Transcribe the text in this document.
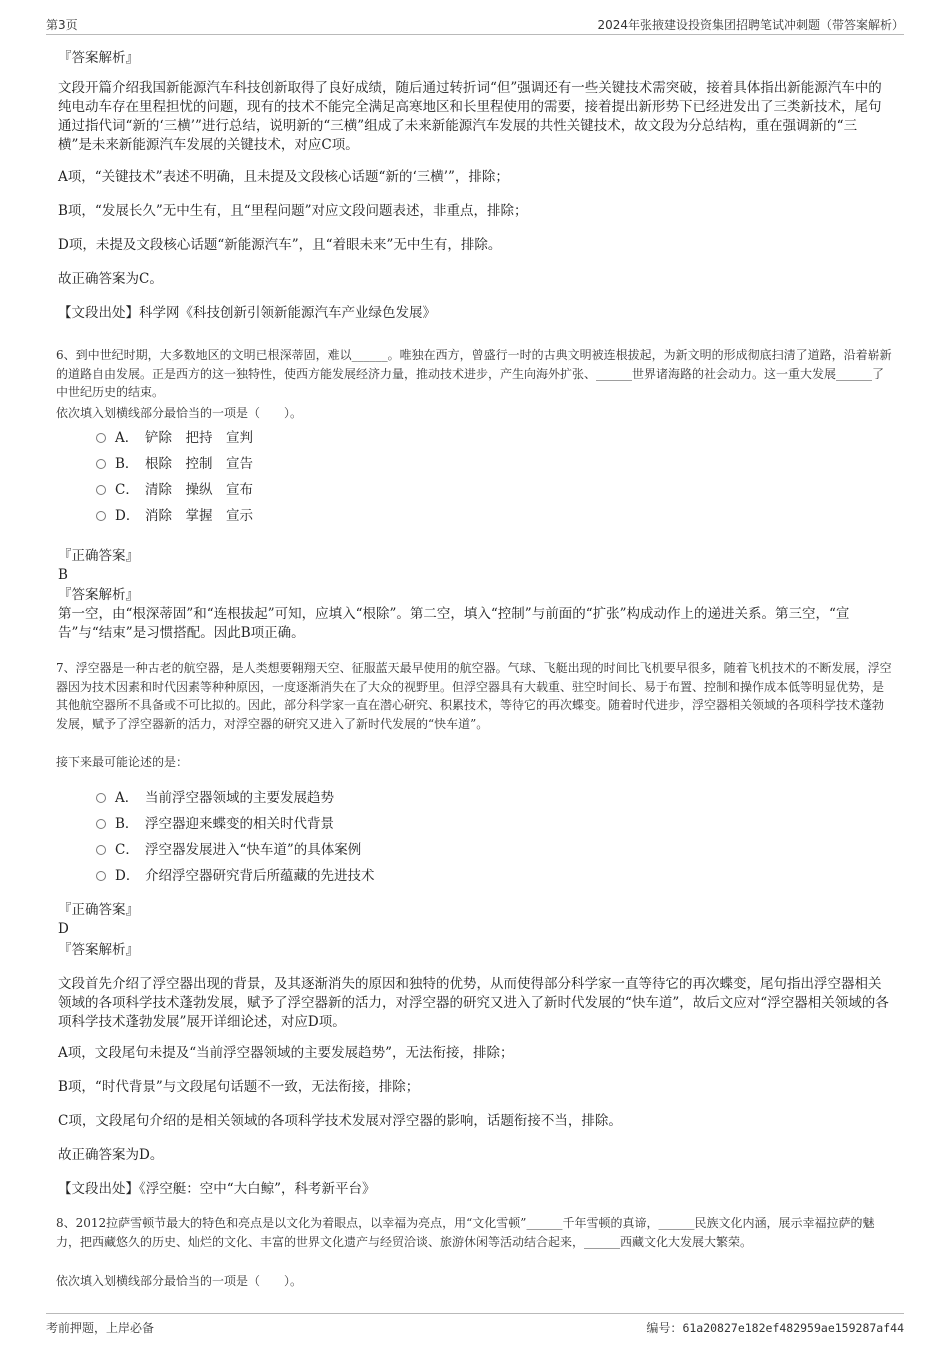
第3页	2024年张掖建设投资集团招聘笔试冲刺题（带答案解析）

『答案解析』

文段开篇介绍我国新能源汽车科技创新取得了良好成绩，随后通过转折词“但”强调还有一些关键技术需突破，接着具体指出新能源汽车中的纯电动车存在里程担忧的问题，现有的技术不能完全满足高寒地区和长里程使用的需要，接着提出新形势下已经进发出了三类新技术，尾句通过指代词“新的‘三横’”进行总结，说明新的“三横”组成了未来新能源汽车发展的共性关键技术，故文段为分总结构，重在强调新的“三横”是未来新能源汽车发展的关键技术，对应C项。

A项，“关键技术”表述不明确，且未提及文段核心话题“新的‘三横’”，排除；

B项，“发展长久”无中生有，且“里程问题”对应文段问题表述，非重点，排除；

D项，未提及文段核心话题“新能源汽车”，且“着眼未来”无中生有，排除。

故正确答案为C。

【文段出处】科学网《科技创新引领新能源汽车产业绿色发展》

6、到中世纪时期，大多数地区的文明已根深蒂固，难以______。唯独在西方，曾盛行一时的古典文明被连根拔起，为新文明的形成彻底扫清了道路，沿着崭新的道路自由发展。正是西方的这一独特性，使西方能发展经济力量，推动技术进步，产生向海外扩张、______世界诸海路的社会动力。这一重大发展______了中世纪历史的结束。

依次填入划横线部分最恰当的一项是（　　）。

A． 铲除　把持　宣判
B． 根除　控制　宣告
C． 清除　操纵　宣布
D． 消除　掌握　宣示

『正确答案』

B

『答案解析』

第一空，由“根深蒂固”和“连根拔起”可知，应填入“根除”。第二空，填入“控制”与前面的“扩张”构成动作上的递进关系。第三空，“宣告”与“结束”是习惯搭配。因此B项正确。

7、浮空器是一种古老的航空器，是人类想要翱翔天空、征服蓝天最早使用的航空器。气球、飞艇出现的时间比飞机要早很多，随着飞机技术的不断发展，浮空器因为技术因素和时代因素等种种原因，一度逐渐消失在了大众的视野里。但浮空器具有大载重、驻空时间长、易于布置、控制和操作成本低等明显优势，是其他航空器所不具备或不可比拟的。因此，部分科学家一直在潜心研究、积累技术，等待它的再次蝶变。随着时代进步，浮空器相关领域的各项科学技术蓬勃发展，赋予了浮空器新的活力，对浮空器的研究又进入了新时代发展的“快车道”。

接下来最可能论述的是：

A． 当前浮空器领域的主要发展趋势
B． 浮空器迎来蝶变的相关时代背景
C． 浮空器发展进入“快车道”的具体案例
D． 介绍浮空器研究背后所蕴藏的先进技术

『正确答案』

D

『答案解析』

文段首先介绍了浮空器出现的背景，及其逐渐消失的原因和独特的优势，从而使得部分科学家一直等待它的再次蝶变，尾句指出浮空器相关领域的各项科学技术蓬勃发展，赋予了浮空器新的活力，对浮空器的研究又进入了新时代发展的“快车道”，故后文应对“浮空器相关领域的各项科学技术蓬勃发展”展开详细论述，对应D项。

A项，文段尾句未提及“当前浮空器领域的主要发展趋势”，无法衔接，排除；

B项，“时代背景”与文段尾句话题不一致，无法衔接，排除；

C项，文段尾句介绍的是相关领域的各项科学技术发展对浮空器的影响，话题衔接不当，排除。

故正确答案为D。

【文段出处】《浮空艇：空中“大白鲸”，科考新平台》

8、2012拉萨雪顿节最大的特色和亮点是以文化为着眼点，以幸福为亮点，用“文化雪顿”______千年雪顿的真谛，______民族文化内涵，展示幸福拉萨的魅力，把西藏悠久的历史、灿烂的文化、丰富的世界文化遗产与经贸洽谈、旅游休闲等活动结合起来，______西藏文化大发展大繁荣。

依次填入划横线部分最恰当的一项是（　　）。

考前押题，上岸必备	编号：61a20827e182ef482959ae159287af44
